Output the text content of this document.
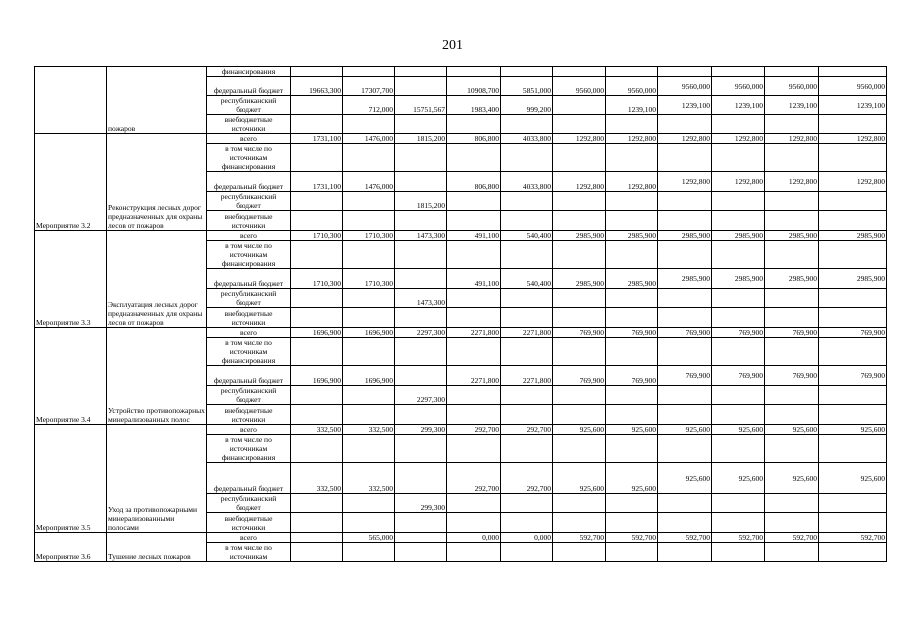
201
	пожаров	финансирования											
		федеральный бюджет	19663,300	17307,700		10908,700	5851,000	9560,000	9560,000	9560,000	9560,000	9560,000	9560,000
		республиканский бюджет		712,000	15751,567	1983,400	999,200		1239,100	1239,100	1239,100	1239,100	1239,100
		внебюджетные источники											
Мероприятие 3.2	Реконструкция лесных дорог предназначенных для охраны лесов от пожаров	всего	1731,100	1476,000	1815,200	806,800	4033,800	1292,800	1292,800	1292,800	1292,800	1292,800	1292,800
		в том числе по источникам финансирования											
		федеральный бюджет	1731,100	1476,000		806,800	4033,800	1292,800	1292,800	1292,800	1292,800	1292,800	1292,800
		республиканский бюджет			1815,200								
		внебюджетные источники											
Мероприятие 3.3	Эксплуатация лесных дорог предназначенных для охраны лесов от пожаров	всего	1710,300	1710,300	1473,300	491,100	540,400	2985,900	2985,900	2985,900	2985,900	2985,900	2985,900
		в том числе по источникам финансирования											
		федеральный бюджет	1710,300	1710,300		491,100	540,400	2985,900	2985,900	2985,900	2985,900	2985,900	2985,900
		республиканский бюджет			1473,300								
		внебюджетные источники											
Мероприятие 3.4	Устройство противопожарных минерализованных полос	всего	1696,900	1696,900	2297,300	2271,800	2271,800	769,900	769,900	769,900	769,900	769,900	769,900
		в том числе по источникам финансирования											
		федеральный бюджет	1696,900	1696,900		2271,800	2271,800	769,900	769,900	769,900	769,900	769,900	769,900
		республиканский бюджет			2297,300								
		внебюджетные источники											
Мероприятие 3.5	Уход за противопожарными минерализованными полосами	всего	332,500	332,500	299,300	292,700	292,700	925,600	925,600	925,600	925,600	925,600	925,600
		в том числе по источникам финансирования											
		федеральный бюджет	332,500	332,500		292,700	292,700	925,600	925,600	925,600	925,600	925,600	925,600
		республиканский бюджет			299,300								
		внебюджетные источники											
Мероприятие 3.6	Тушение лесных пожаров	всего		565,000		0,000	0,000	592,700	592,700	592,700	592,700	592,700	592,700
		в том числе по источникам											
